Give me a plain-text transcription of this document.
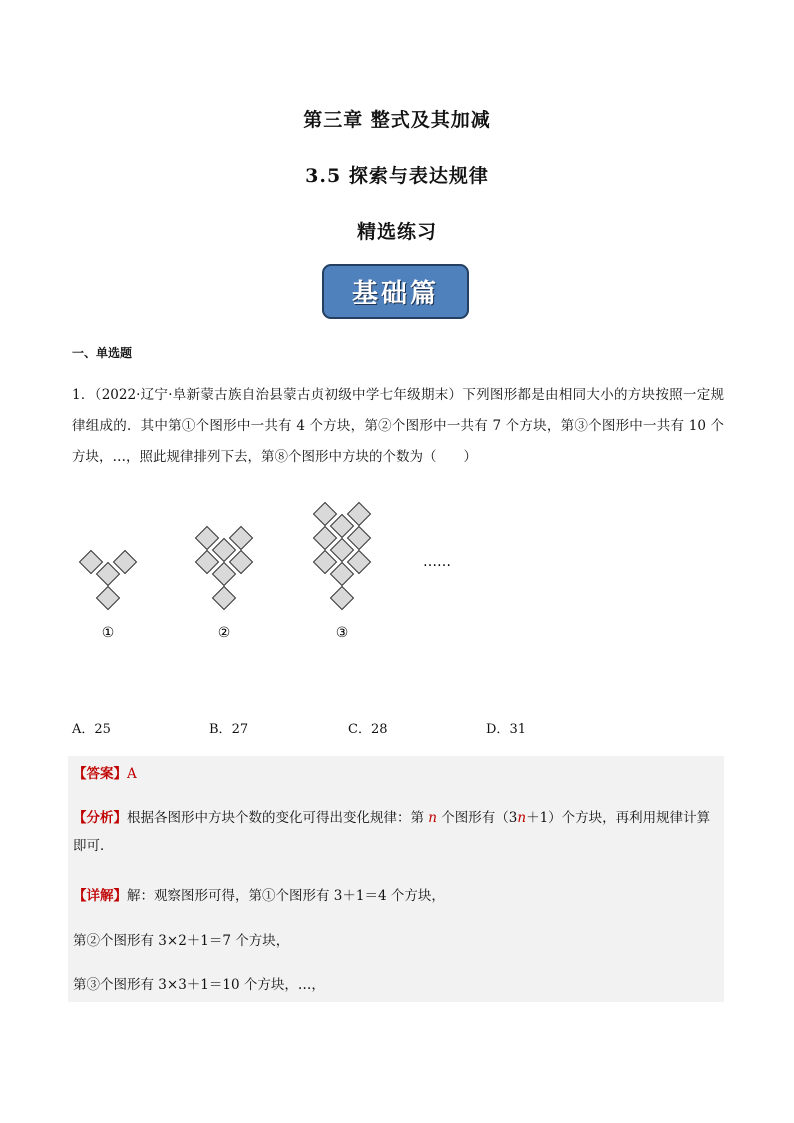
第三章 整式及其加减
3.5 探索与表达规律
精选练习
基础篇
一、单选题
1．（2022·辽宁·阜新蒙古族自治县蒙古贞初级中学七年级期末）下列图形都是由相同大小的方块按照一定规律组成的．其中第①个图形中一共有 4 个方块，第②个图形中一共有 7 个方块，第③个图形中一共有 10 个方块，…，照此规律排列下去，第⑧个图形中方块的个数为（　　）
①	②	③
……
A．25	B．27	C．28	D．31
【答案】A
【分析】根据各图形中方块个数的变化可得出变化规律：第 n 个图形有（3n＋1）个方块，再利用规律计算即可．
【详解】解：观察图形可得，第①个图形有 3＋1＝4 个方块，
第②个图形有 3×2＋1＝7 个方块，
第③个图形有 3×3＋1＝10 个方块，…，
